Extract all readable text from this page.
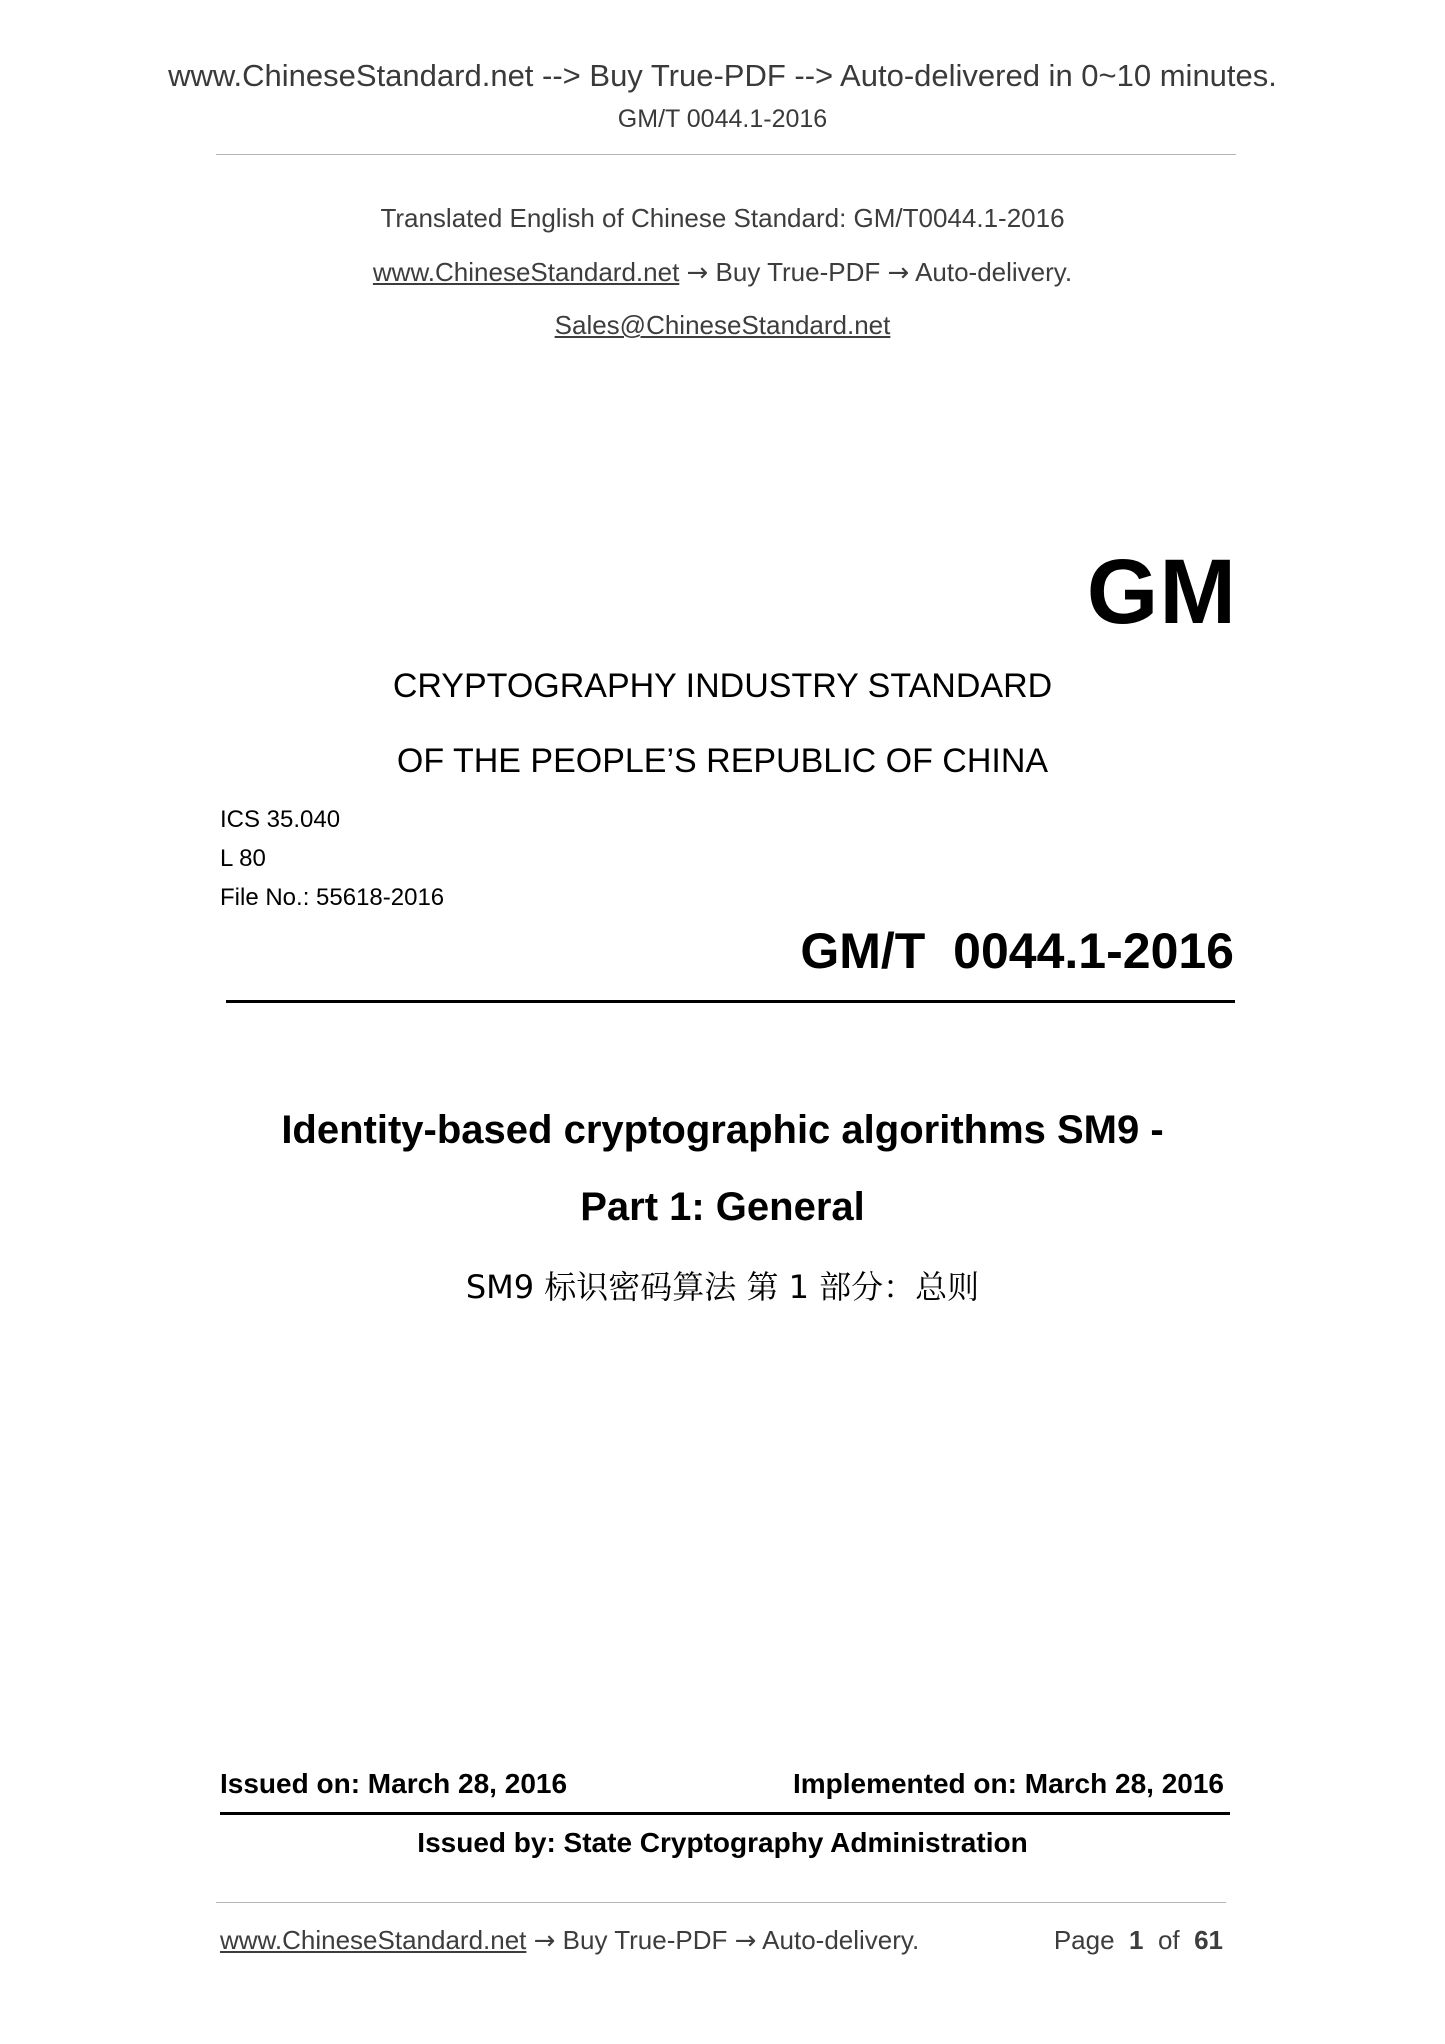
www.ChineseStandard.net --> Buy True-PDF --> Auto-delivered in 0~10 minutes.
GM/T 0044.1-2016
Translated English of Chinese Standard: GM/T0044.1-2016
www.ChineseStandard.net → Buy True-PDF → Auto-delivery.
Sales@ChineseStandard.net
GM
CRYPTOGRAPHY INDUSTRY STANDARD
OF THE PEOPLE’S REPUBLIC OF CHINA
ICS 35.040
L 80
File No.: 55618-2016
GM/T 0044.1-2016
Identity-based cryptographic algorithms SM9 -
Part 1: General
SM9 标识密码算法 第 1 部分：总则
Issued on: March 28, 2016	Implemented on: March 28, 2016
Issued by: State Cryptography Administration
www.ChineseStandard.net → Buy True-PDF → Auto-delivery.	Page 1 of 61
